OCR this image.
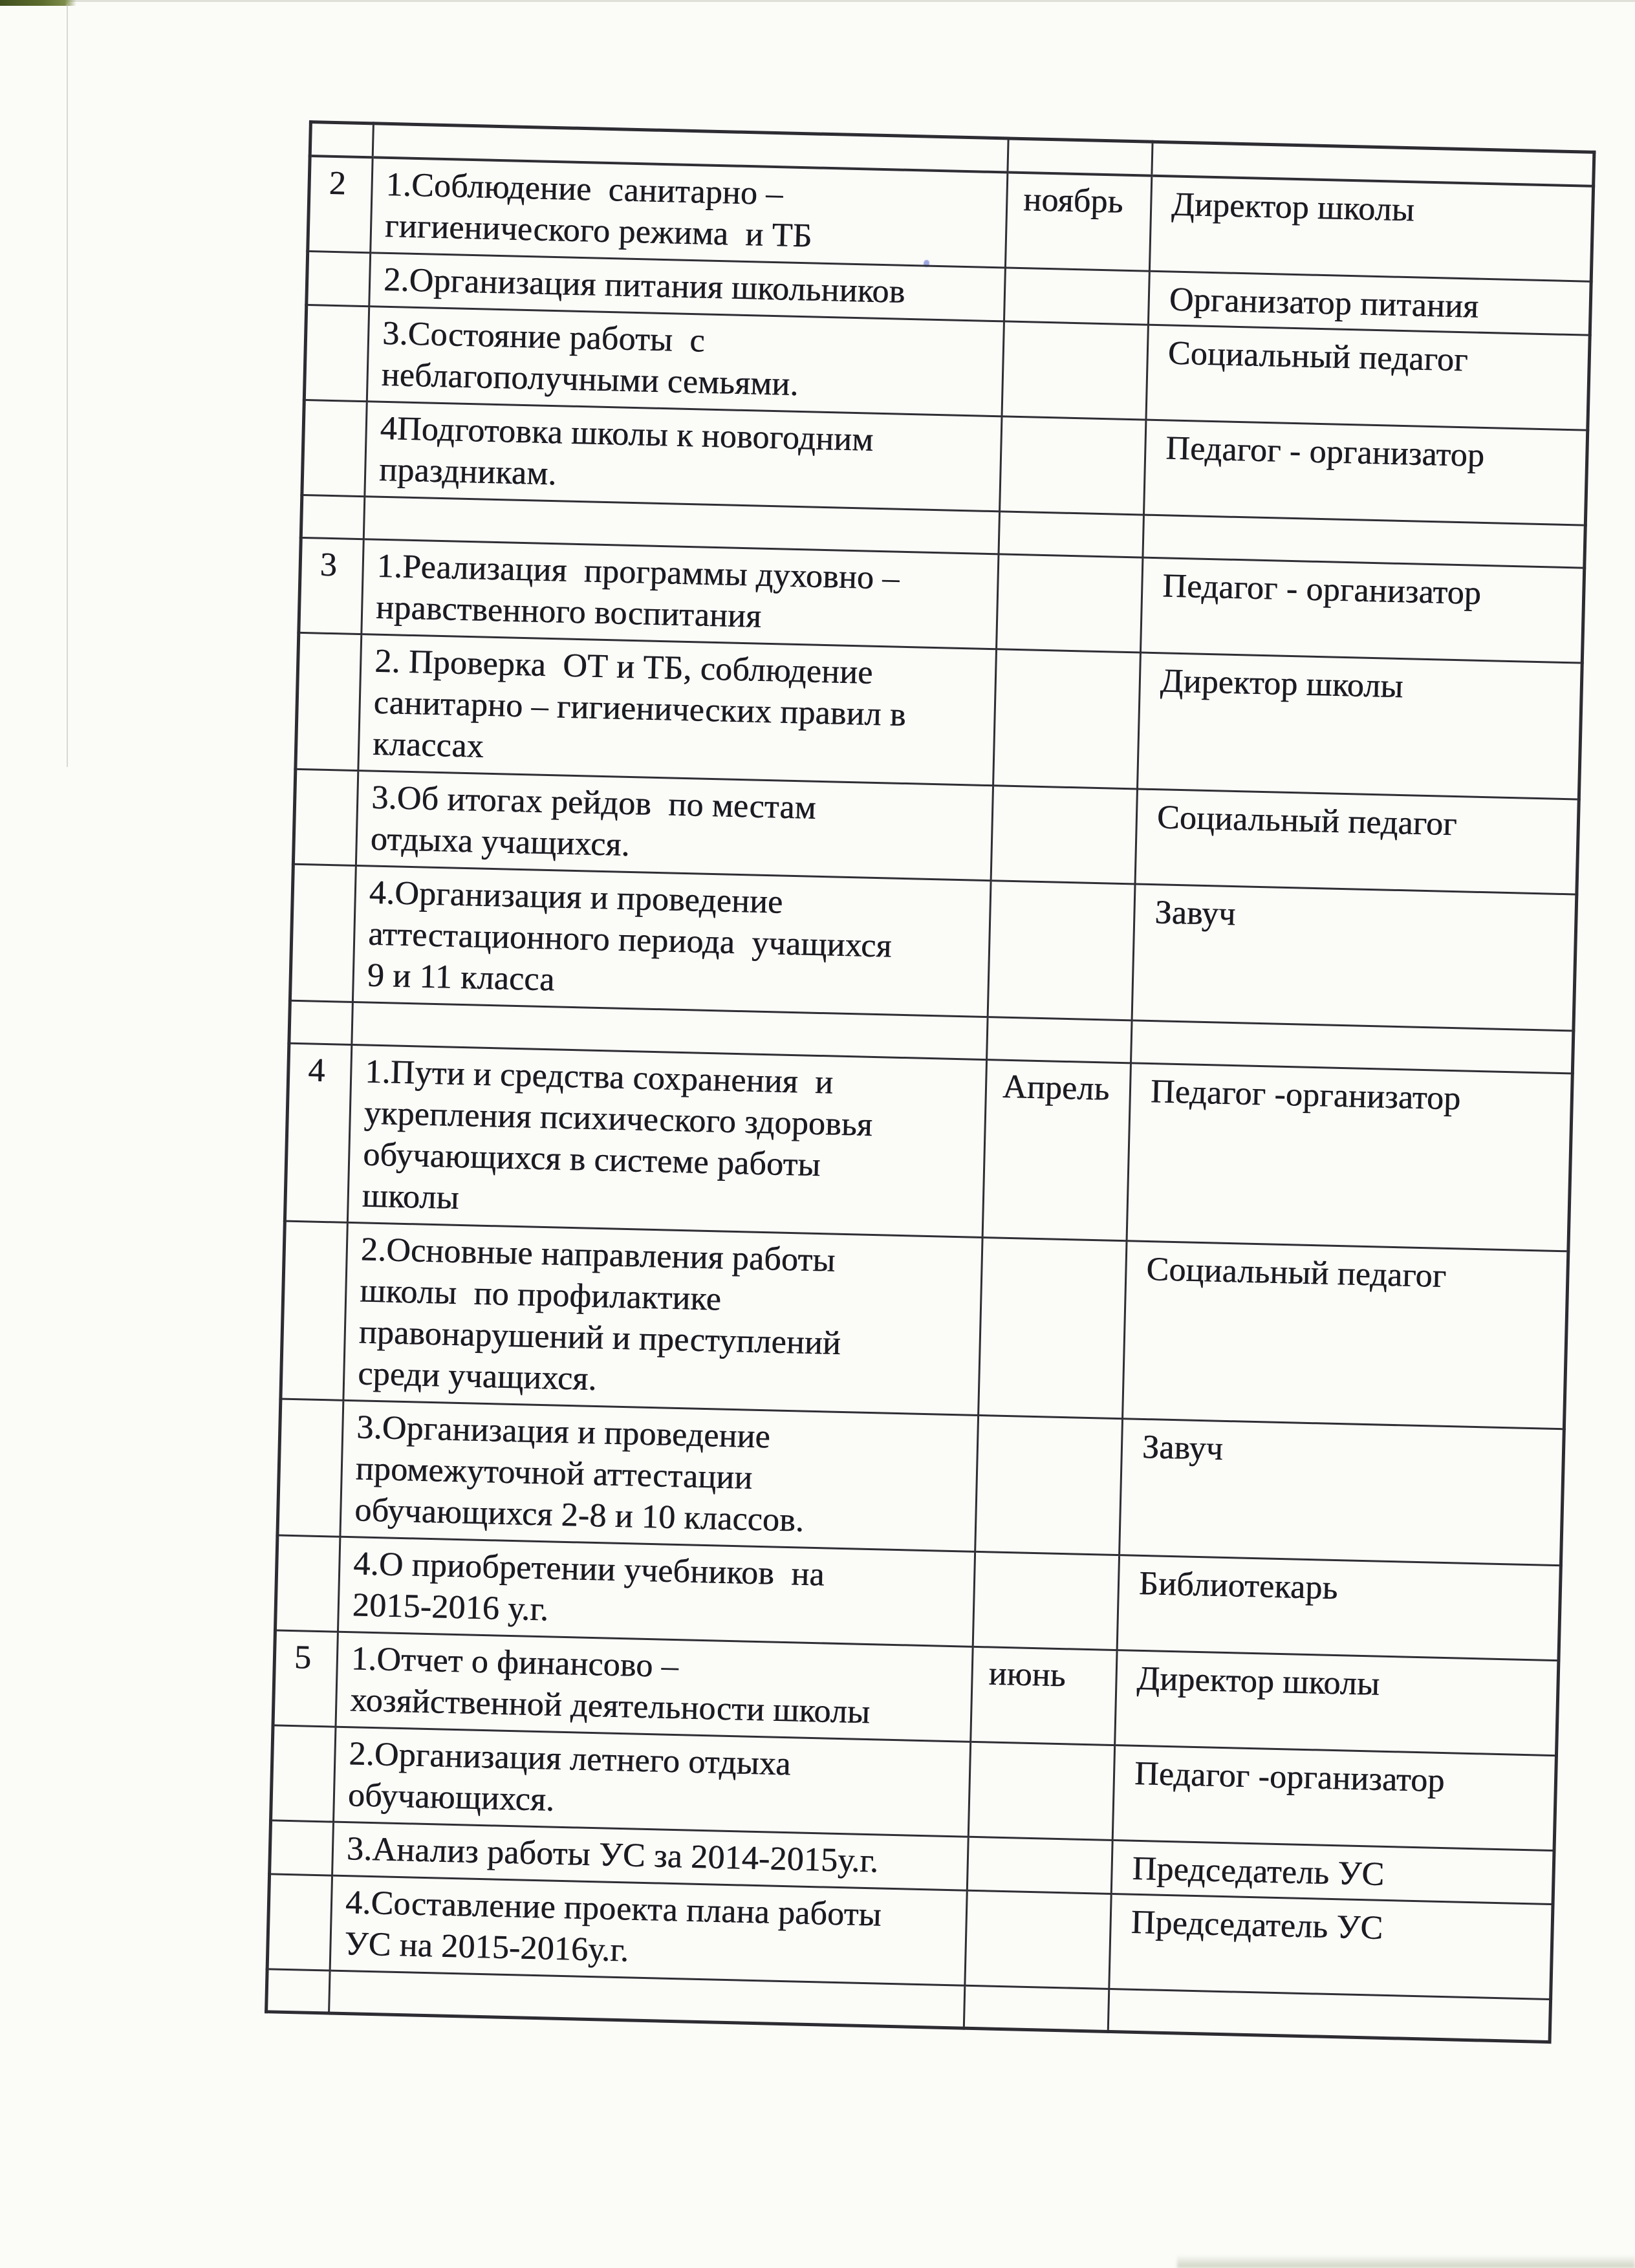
2	1.Соблюдение  санитарно –
гигиенического режима  и ТБ	ноябрь	Директор школы
	2.Организация питания школьников		Организатор питания
	3.Состояние работы  с
неблагополучными семьями.		Социальный педагог
	4Подготовка школы к новогодним
праздникам.		Педагог - организатор

3	1.Реализация  программы духовно –
нравственного воспитания		Педагог - организатор
	2. Проверка  ОТ и ТБ, соблюдение
санитарно – гигиенических правил в
классах		Директор школы
	3.Об итогах рейдов  по местам
отдыха учащихся.		Социальный педагог
	4.Организация и проведение
аттестационного периода  учащихся
9 и 11 класса		Завуч

4	1.Пути и средства сохранения  и
укрепления психического здоровья
обучающихся в системе работы
школы	Апрель	Педагог -организатор
	2.Основные направления работы
школы  по профилактике
правонарушений и преступлений
среди учащихся.		Социальный педагог
	3.Организация и проведение
промежуточной аттестации
обучающихся 2-8 и 10 классов.		Завуч
	4.О приобретении учебников  на
2015-2016 у.г.		Библиотекарь
5	1.Отчет о финансово –
хозяйственной деятельности школы	июнь	Директор школы
	2.Организация летнего отдыха
обучающихся.		Педагог -организатор
	3.Анализ работы УС за 2014-2015у.г.		Председатель УС
	4.Составление проекта плана работы
УС на 2015-2016у.г.		Председатель УС
